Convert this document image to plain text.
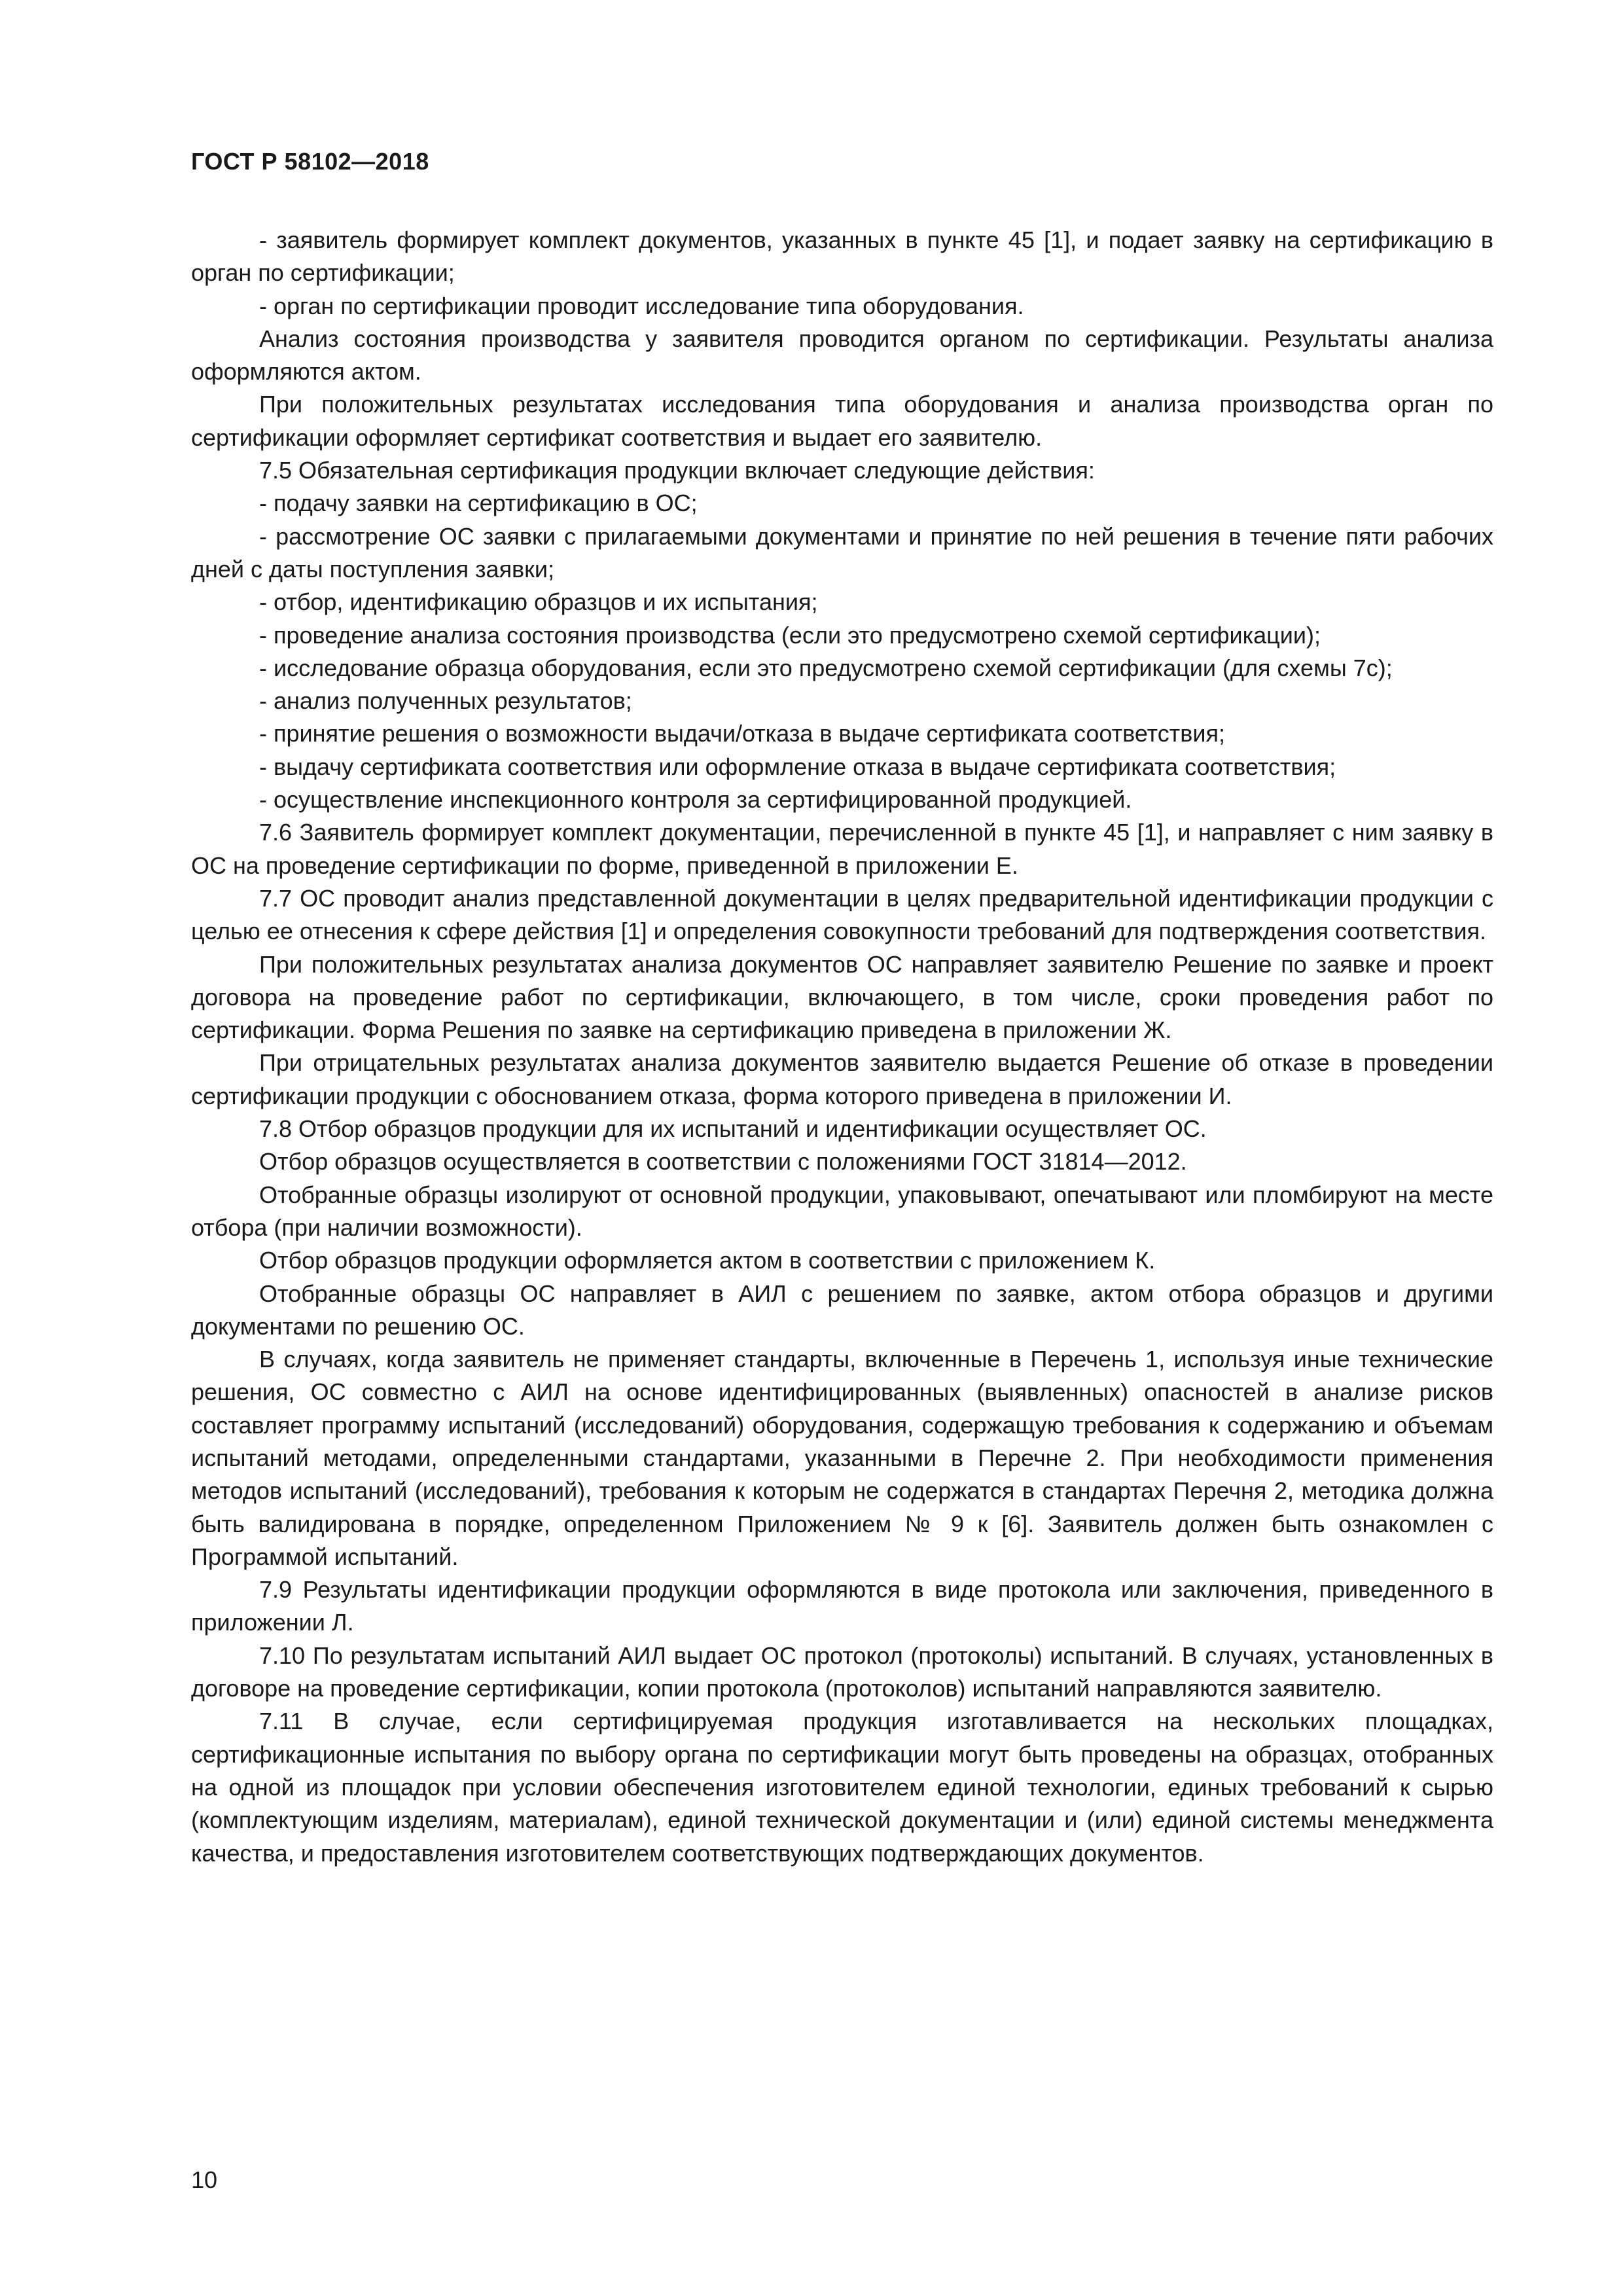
ГОСТ Р 58102—2018

- заявитель формирует комплект документов, указанных в пункте 45 [1], и подает заявку на сертификацию в орган по сертификации;

- орган по сертификации проводит исследование типа оборудования.

Анализ состояния производства у заявителя проводится органом по сертификации. Результаты анализа оформляются актом.

При положительных результатах исследования типа оборудования и анализа производства орган по сертификации оформляет сертификат соответствия и выдает его заявителю.

7.5 Обязательная сертификация продукции включает следующие действия:

- подачу заявки на сертификацию в ОС;

- рассмотрение ОС заявки с прилагаемыми документами и принятие по ней решения в течение пяти рабочих дней с даты поступления заявки;

- отбор, идентификацию образцов и их испытания;

- проведение анализа состояния производства (если это предусмотрено схемой сертификации);

- исследование образца оборудования, если это предусмотрено схемой сертификации (для схемы 7с);

- анализ полученных результатов;

- принятие решения о возможности выдачи/отказа в выдаче сертификата соответствия;

- выдачу сертификата соответствия или оформление отказа в выдаче сертификата соответствия;

- осуществление инспекционного контроля за сертифицированной продукцией.

7.6 Заявитель формирует комплект документации, перечисленной в пункте 45 [1], и направляет с ним заявку в ОС на проведение сертификации по форме, приведенной в приложении Е.

7.7 ОС проводит анализ представленной документации в целях предварительной идентификации продукции с целью ее отнесения к сфере действия [1] и определения совокупности требований для подтверждения соответствия.

При положительных результатах анализа документов ОС направляет заявителю Решение по заявке и проект договора на проведение работ по сертификации, включающего, в том числе, сроки проведения работ по сертификации. Форма Решения по заявке на сертификацию приведена в приложении Ж.

При отрицательных результатах анализа документов заявителю выдается Решение об отказе в проведении сертификации продукции с обоснованием отказа, форма которого приведена в приложении И.

7.8 Отбор образцов продукции для их испытаний и идентификации осуществляет ОС.

Отбор образцов осуществляется в соответствии с положениями ГОСТ 31814—2012.

Отобранные образцы изолируют от основной продукции, упаковывают, опечатывают или пломбируют на месте отбора (при наличии возможности).

Отбор образцов продукции оформляется актом в соответствии с приложением К.

Отобранные образцы ОС направляет в АИЛ с решением по заявке, актом отбора образцов и другими документами по решению ОС.

В случаях, когда заявитель не применяет стандарты, включенные в Перечень 1, используя иные технические решения, ОС совместно с АИЛ на основе идентифицированных (выявленных) опасностей в анализе рисков составляет программу испытаний (исследований) оборудования, содержащую требования к содержанию и объемам испытаний методами, определенными стандартами, указанными в Перечне 2. При необходимости применения методов испытаний (исследований), требования к которым не содержатся в стандартах Перечня 2, методика должна быть валидирована в порядке, определенном Приложением № 9 к [6]. Заявитель должен быть ознакомлен с Программой испытаний.

7.9 Результаты идентификации продукции оформляются в виде протокола или заключения, приведенного в приложении Л.

7.10 По результатам испытаний АИЛ выдает ОС протокол (протоколы) испытаний. В случаях, установленных в договоре на проведение сертификации, копии протокола (протоколов) испытаний направляются заявителю.

7.11 В случае, если сертифицируемая продукция изготавливается на нескольких площадках, сертификационные испытания по выбору органа по сертификации могут быть проведены на образцах, отобранных на одной из площадок при условии обеспечения изготовителем единой технологии, единых требований к сырью (комплектующим изделиям, материалам), единой технической документации и (или) единой системы менеджмента качества, и предоставления изготовителем соответствующих подтверждающих документов.

10
